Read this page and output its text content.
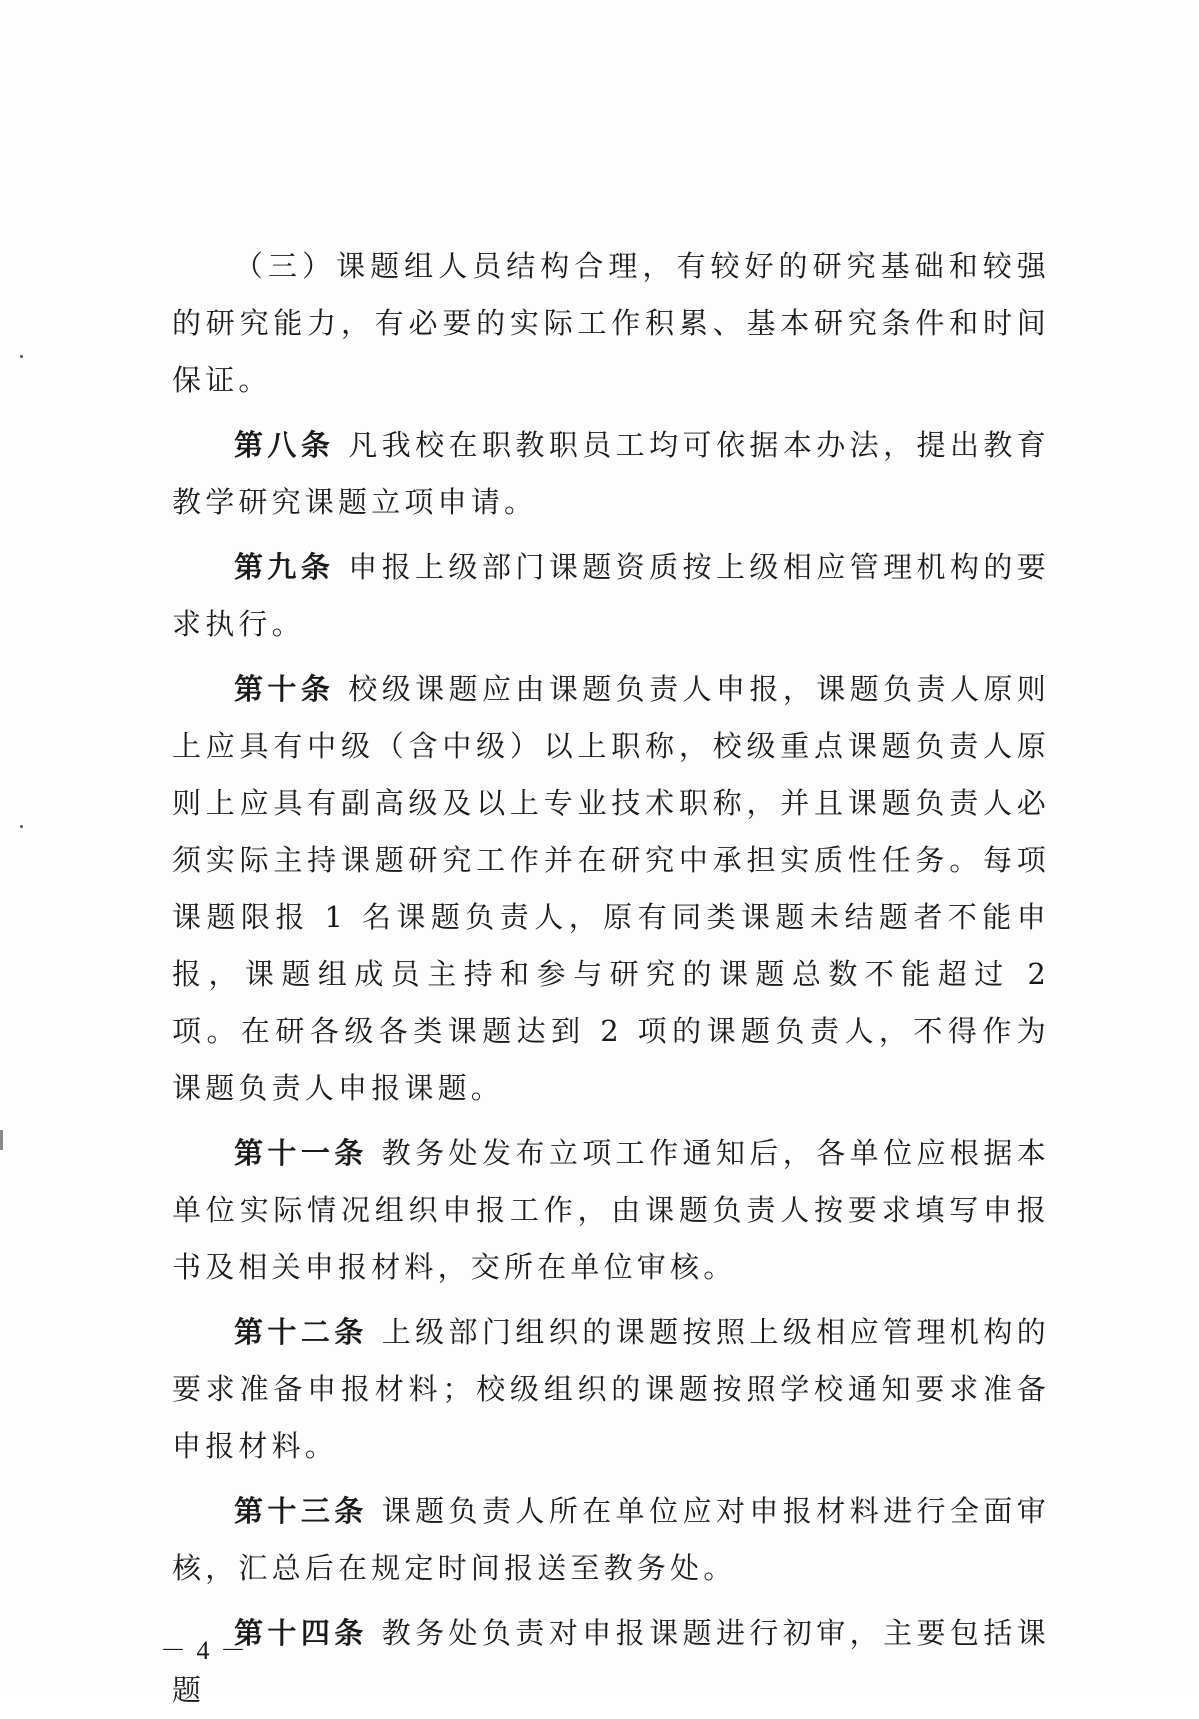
（三）课题组人员结构合理，有较好的研究基础和较强的研究能力，有必要的实际工作积累、基本研究条件和时间保证。

第八条 凡我校在职教职员工均可依据本办法，提出教育教学研究课题立项申请。

第九条 申报上级部门课题资质按上级相应管理机构的要求执行。

第十条 校级课题应由课题负责人申报，课题负责人原则上应具有中级（含中级）以上职称，校级重点课题负责人原则上应具有副高级及以上专业技术职称，并且课题负责人必须实际主持课题研究工作并在研究中承担实质性任务。每项课题限报 1 名课题负责人，原有同类课题未结题者不能申报，课题组成员主持和参与研究的课题总数不能超过 2 项。在研各级各类课题达到 2 项的课题负责人，不得作为课题负责人申报课题。

第十一条 教务处发布立项工作通知后，各单位应根据本单位实际情况组织申报工作，由课题负责人按要求填写申报书及相关申报材料，交所在单位审核。

第十二条 上级部门组织的课题按照上级相应管理机构的要求准备申报材料；校级组织的课题按照学校通知要求准备申报材料。

第十三条 课题负责人所在单位应对申报材料进行全面审核，汇总后在规定时间报送至教务处。

第十四条 教务处负责对申报课题进行初审，主要包括课题

－ 4 －
